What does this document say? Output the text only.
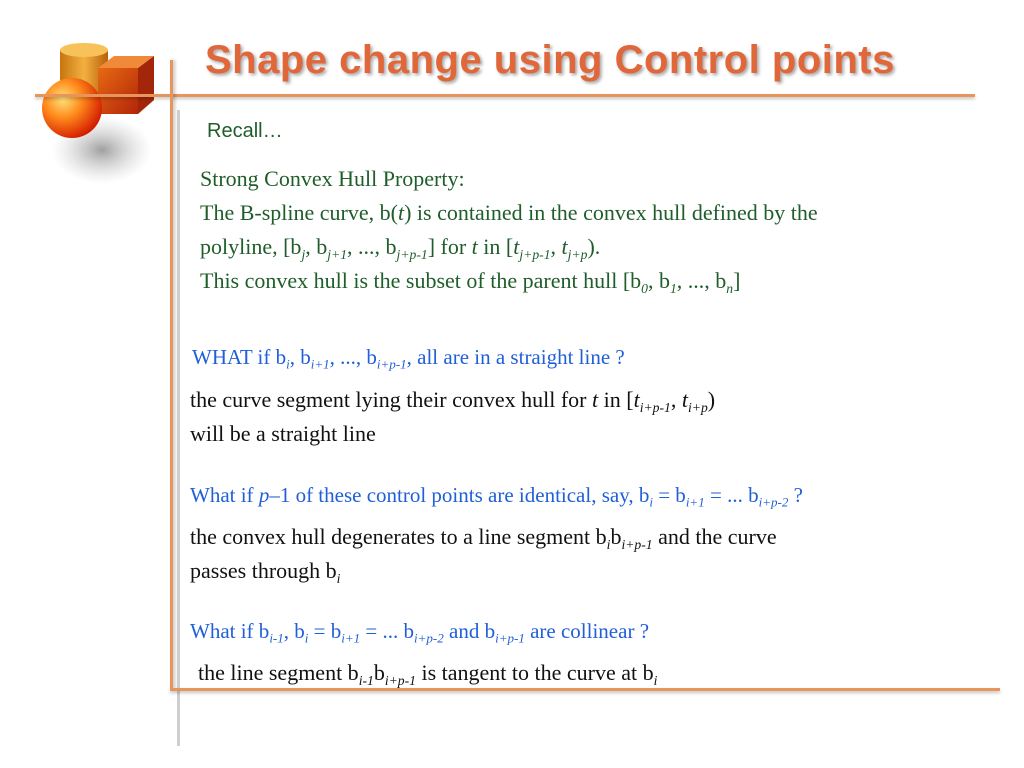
Shape change using Control points
Recall…
Strong Convex Hull Property:
The B-spline curve, b(t) is contained in the convex hull defined by the
polyline, [$b_j$, $b_{j+1}$, ..., $b_{j+p-1}$] for t in [$t_{j+p-1}$, $t_{j+p}$).
This convex hull is the subset of the parent hull [$b_0$, $b_1$, ..., $b_n$]
WHAT if $b_i$, $b_{i+1}$, ..., $b_{i+p-1}$, all are in a straight line ?
the curve segment lying their convex hull for t in [$t_{i+p-1}$, $t_{i+p}$)
will be a straight line
What if p–1 of these control points are identical, say, $b_i = b_{i+1}$ = ... $b_{i+p-2}$ ?
the convex hull degenerates to a line segment $b_ib_{i+p-1}$ and the curve
passes through $b_i$
What if $b_{i-1}$, $b_i = b_{i+1}$ = ... $b_{i+p-2}$ and $b_{i+p-1}$ are collinear ?
the line segment $b_{i-1}b_{i+p-1}$ is tangent to the curve at $b_i$
